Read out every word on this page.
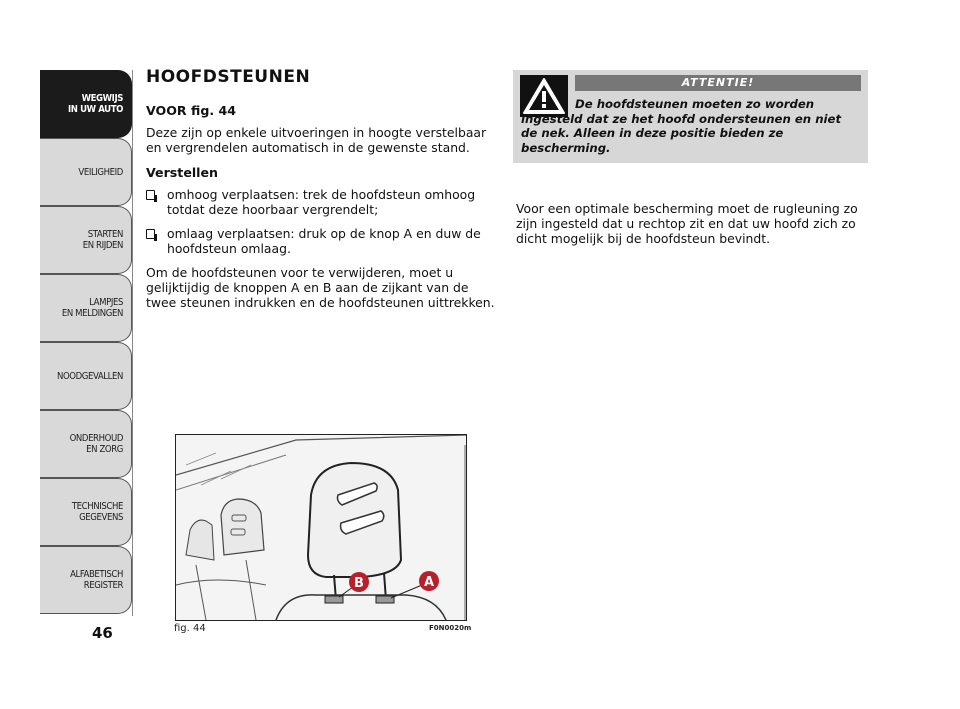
WEGWIJS
IN UW AUTO
VEILIGHEID
STARTEN
EN RIJDEN
LAMPJES
EN MELDINGEN
NOODGEVALLEN
ONDERHOUD
EN ZORG
TECHNISCHE
GEGEVENS
ALFABETISCH
REGISTER
46
HOOFDSTEUNEN
VOOR fig. 44

Deze zijn op enkele uitvoeringen in hoogte verstelbaar en vergrendelen automatisch in de gewenste stand.

Verstellen
omhoog verplaatsen: trek de hoofdsteun omhoog totdat deze hoorbaar vergrendelt;
omlaag verplaatsen: druk op de knop A en duw de hoofdsteun omlaag.

Om de hoofdsteunen voor te verwijderen, moet u gelijktijdig de knoppen A en B aan de zijkant van de twee steunen indrukken en de hoofdsteunen uittrekken.

B	A
fig. 44	F0N0020m
ATTENTIE!
De hoofdsteunen moeten zo worden ingesteld dat ze het hoofd ondersteunen en niet de nek. Alleen in deze positie bieden ze bescherming.
Voor een optimale bescherming moet de rugleuning zo zijn ingesteld dat u rechtop zit en dat uw hoofd zich zo dicht mogelijk bij de hoofdsteun bevindt.
